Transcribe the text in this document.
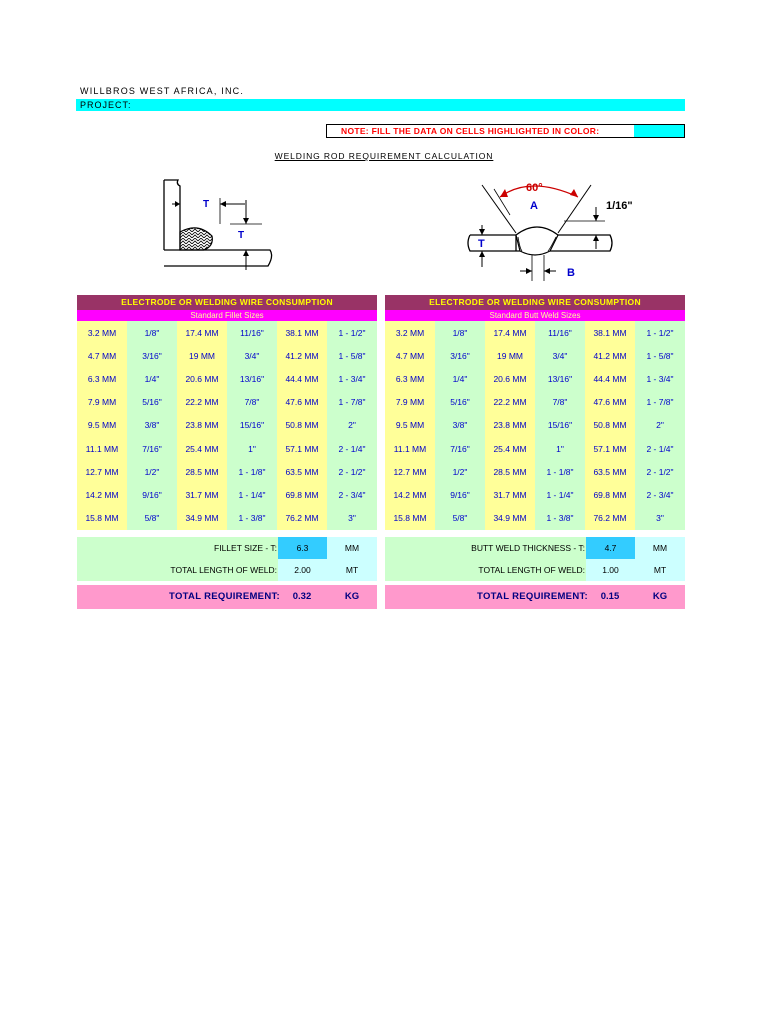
WILLBROS WEST AFRICA, INC.
PROJECT:
NOTE: FILL THE DATA ON CELLS HIGHLIGHTED IN COLOR:
WELDING ROD REQUIREMENT CALCULATION
T
T
60°
A	1/16"
T
B
ELECTRODE OR WELDING WIRE CONSUMPTION
Standard Fillet Sizes
3.2 MM	1/8"	17.4 MM	11/16"	38.1 MM	1 - 1/2"
4.7 MM	3/16"	19 MM	3/4"	41.2 MM	1 - 5/8"
6.3 MM	1/4"	20.6 MM	13/16"	44.4 MM	1 - 3/4"
7.9 MM	5/16"	22.2 MM	7/8"	47.6 MM	1 - 7/8"
9.5 MM	3/8"	23.8 MM	15/16"	50.8 MM	2"
11.1 MM	7/16"	25.4 MM	1"	57.1 MM	2 - 1/4"
12.7 MM	1/2"	28.5 MM	1 - 1/8"	63.5 MM	2 - 1/2"
14.2 MM	9/16"	31.7 MM	1 - 1/4"	69.8 MM	2 - 3/4"
15.8 MM	5/8"	34.9 MM	1 - 3/8"	76.2 MM	3"
FILLET SIZE - T:	6.3	MM
TOTAL LENGTH OF WELD:	2.00	MT
TOTAL REQUIREMENT:	0.32	KG
ELECTRODE OR WELDING WIRE CONSUMPTION
Standard Butt Weld Sizes
3.2 MM	1/8"	17.4 MM	11/16"	38.1 MM	1 - 1/2"
4.7 MM	3/16"	19 MM	3/4"	41.2 MM	1 - 5/8"
6.3 MM	1/4"	20.6 MM	13/16"	44.4 MM	1 - 3/4"
7.9 MM	5/16"	22.2 MM	7/8"	47.6 MM	1 - 7/8"
9.5 MM	3/8"	23.8 MM	15/16"	50.8 MM	2"
11.1 MM	7/16"	25.4 MM	1"	57.1 MM	2 - 1/4"
12.7 MM	1/2"	28.5 MM	1 - 1/8"	63.5 MM	2 - 1/2"
14.2 MM	9/16"	31.7 MM	1 - 1/4"	69.8 MM	2 - 3/4"
15.8 MM	5/8"	34.9 MM	1 - 3/8"	76.2 MM	3"
BUTT WELD THICKNESS - T:	4.7	MM
TOTAL LENGTH OF WELD:	1.00	MT
TOTAL REQUIREMENT:	0.15	KG
